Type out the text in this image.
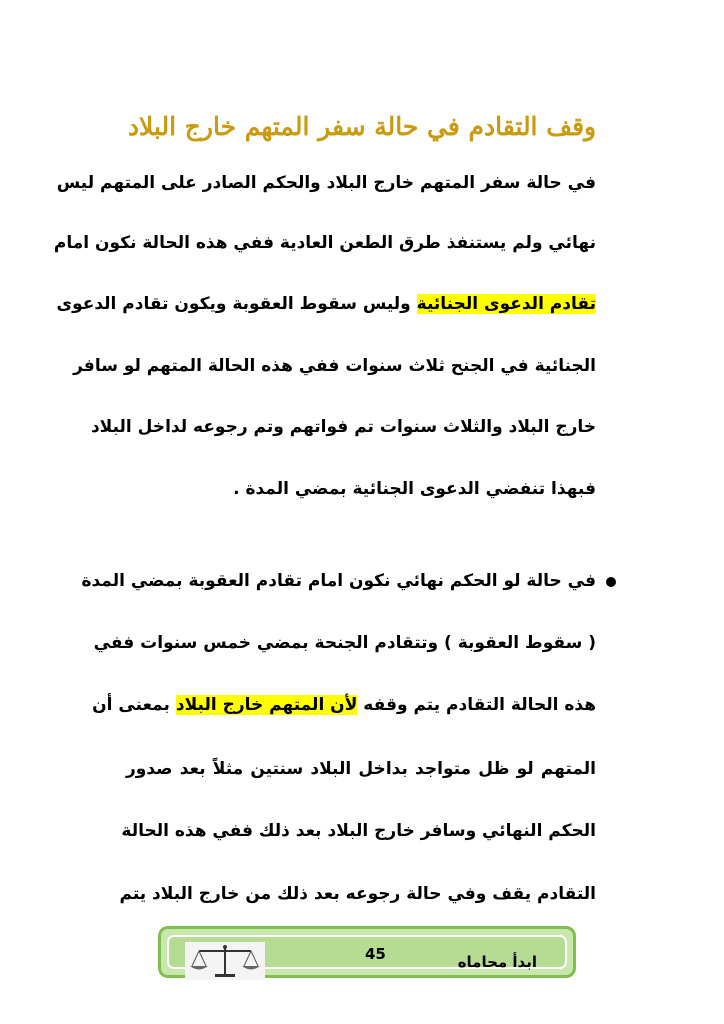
وقف التقادم في حالة سفر المتهم خارج البلاد
في حالة سفر المتهم خارج البلاد والحكم الصادر على المتهم ليس
نهائي ولم يستنفذ طرق الطعن العادية ففي هذه الحالة نكون امام
تقادم الدعوى الجنائية وليس سقوط العقوبة ويكون تقادم الدعوى
الجنائية في الجنح ثلاث سنوات ففي هذه الحالة المتهم لو سافر
خارج البلاد والثلاث سنوات تم فواتهم وتم رجوعه لداخل البلاد
فبهذا تنفضي الدعوى الجنائية بمضي المدة .
في حالة لو الحكم نهائي نكون امام تقادم العقوبة بمضي المدة
( سقوط العقوبة ) وتتقادم الجنحة بمضي خمس سنوات ففي
هذه الحالة التقادم يتم وقفه لأن المتهم خارج البلاد بمعنى أن
المتهم لو ظل متواجد بداخل البلاد سنتين مثلاً بعد صدور
الحكم النهائي وسافر خارج البلاد بعد ذلك ففي هذه الحالة
التقادم يقف وفي حالة رجوعه بعد ذلك من خارج البلاد يتم
45	ابدأ محاماه
